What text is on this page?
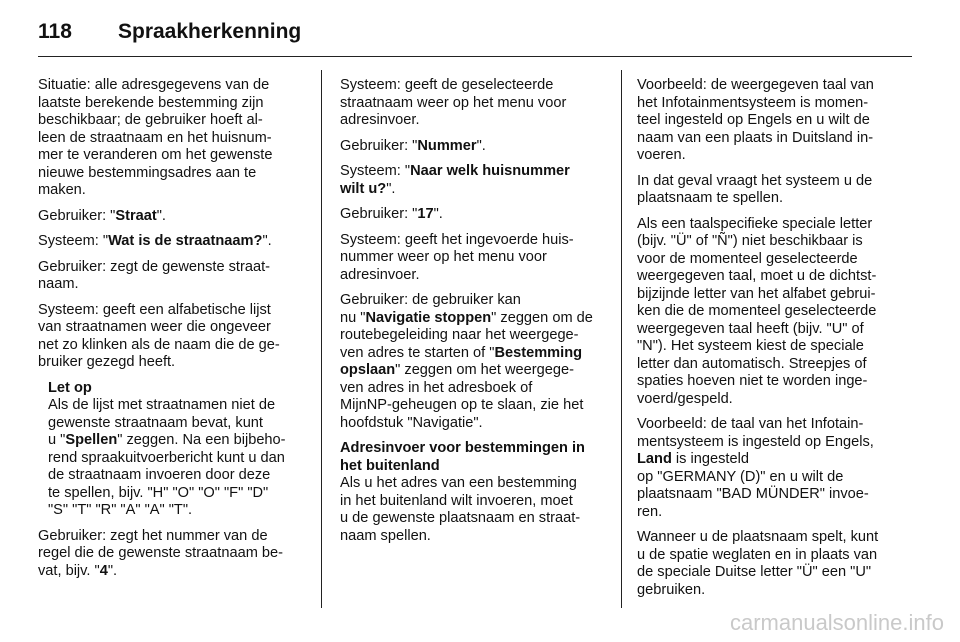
118 Spraakherkenning
Situatie: alle adresgegevens van de
laatste berekende bestemming zijn
beschikbaar; de gebruiker hoeft al-
leen de straatnaam en het huisnum-
mer te veranderen om het gewenste
nieuwe bestemmingsadres aan te
maken.
Gebruiker: "Straat".
Systeem: "Wat is de straatnaam?".
Gebruiker: zegt de gewenste straat-
naam.
Systeem: geeft een alfabetische lijst
van straatnamen weer die ongeveer
net zo klinken als de naam die de ge-
bruiker gezegd heeft.
Let op
Als de lijst met straatnamen niet de
gewenste straatnaam bevat, kunt
u "Spellen" zeggen. Na een bijbeho-
rend spraakuitvoerbericht kunt u dan
de straatnaam invoeren door deze
te spellen, bijv. "H" "O" "O" "F" "D"
"S" "T" "R" "A" "A" "T".
Gebruiker: zegt het nummer van de
regel die de gewenste straatnaam be-
vat, bijv. "4".
Systeem: geeft de geselecteerde
straatnaam weer op het menu voor
adresinvoer.
Gebruiker: "Nummer".
Systeem: "Naar welk huisnummer
wilt u?".
Gebruiker: "17".
Systeem: geeft het ingevoerde huis-
nummer weer op het menu voor
adresinvoer.
Gebruiker: de gebruiker kan
nu "Navigatie stoppen" zeggen om de
routebegeleiding naar het weergege-
ven adres te starten of "Bestemming
opslaan" zeggen om het weergege-
ven adres in het adresboek of
MijnNP-geheugen op te slaan, zie het
hoofdstuk "Navigatie".
Adresinvoer voor bestemmingen in
het buitenland
Als u het adres van een bestemming
in het buitenland wilt invoeren, moet
u de gewenste plaatsnaam en straat-
naam spellen.
Voorbeeld: de weergegeven taal van
het Infotainmentsysteem is momen-
teel ingesteld op Engels en u wilt de
naam van een plaats in Duitsland in-
voeren.
In dat geval vraagt het systeem u de
plaatsnaam te spellen.
Als een taalspecifieke speciale letter
(bijv. "Ü" of "Ñ") niet beschikbaar is
voor de momenteel geselecteerde
weergegeven taal, moet u de dichtst-
bijzijnde letter van het alfabet gebrui-
ken die de momenteel geselecteerde
weergegeven taal heeft (bijv. "U" of
"N"). Het systeem kiest de speciale
letter dan automatisch. Streepjes of
spaties hoeven niet te worden inge-
voerd/gespeld.
Voorbeeld: de taal van het Infotain-
mentsysteem is ingesteld op Engels,
Land is ingesteld
op "GERMANY (D)" en u wilt de
plaatsnaam "BAD MÜNDER" invoe-
ren.
Wanneer u de plaatsnaam spelt, kunt
u de spatie weglaten en in plaats van
de speciale Duitse letter "Ü" een "U"
gebruiken.
carmanualsonline.info
